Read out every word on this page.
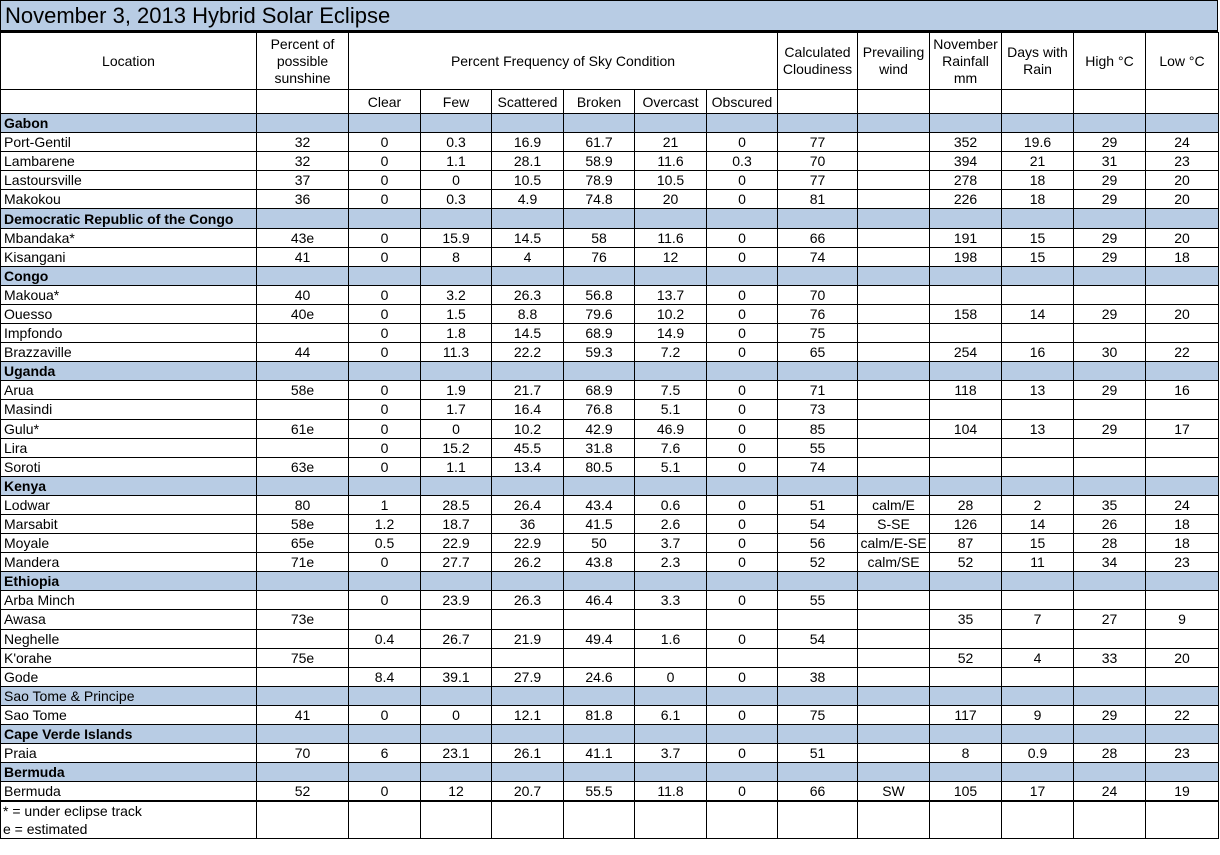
November 3, 2013 Hybrid Solar Eclipse
Location	Percent of possible sunshine	Percent Frequency of Sky Condition						Calculated Cloudiness	Prevailing wind	November Rainfall mm	Days with Rain	High °C	Low °C
		Clear	Few	Scattered	Broken	Overcast	Obscured						
Gabon													
Port-Gentil	32	0	0.3	16.9	61.7	21	0	77		352	19.6	29	24
Lambarene	32	0	1.1	28.1	58.9	11.6	0.3	70		394	21	31	23
Lastoursville	37	0	0	10.5	78.9	10.5	0	77		278	18	29	20
Makokou	36	0	0.3	4.9	74.8	20	0	81		226	18	29	20
Democratic Republic of the Congo													
Mbandaka*	43e	0	15.9	14.5	58	11.6	0	66		191	15	29	20
Kisangani	41	0	8	4	76	12	0	74		198	15	29	18
Congo													
Makoua*	40	0	3.2	26.3	56.8	13.7	0	70					
Ouesso	40e	0	1.5	8.8	79.6	10.2	0	76		158	14	29	20
Impfondo		0	1.8	14.5	68.9	14.9	0	75					
Brazzaville	44	0	11.3	22.2	59.3	7.2	0	65		254	16	30	22
Uganda													
Arua	58e	0	1.9	21.7	68.9	7.5	0	71		118	13	29	16
Masindi		0	1.7	16.4	76.8	5.1	0	73					
Gulu*	61e	0	0	10.2	42.9	46.9	0	85		104	13	29	17
Lira		0	15.2	45.5	31.8	7.6	0	55					
Soroti	63e	0	1.1	13.4	80.5	5.1	0	74					
Kenya													
Lodwar	80	1	28.5	26.4	43.4	0.6	0	51	calm/E	28	2	35	24
Marsabit	58e	1.2	18.7	36	41.5	2.6	0	54	S-SE	126	14	26	18
Moyale	65e	0.5	22.9	22.9	50	3.7	0	56	calm/E-SE	87	15	28	18
Mandera	71e	0	27.7	26.2	43.8	2.3	0	52	calm/SE	52	11	34	23
Ethiopia													
Arba Minch		0	23.9	26.3	46.4	3.3	0	55					
Awasa	73e									35	7	27	9
Neghelle		0.4	26.7	21.9	49.4	1.6	0	54					
K'orahe	75e									52	4	33	20
Gode		8.4	39.1	27.9	24.6	0	0	38					
Sao Tome & Principe													
Sao Tome	41	0	0	12.1	81.8	6.1	0	75		117	9	29	22
Cape Verde Islands													
Praia	70	6	23.1	26.1	41.1	3.7	0	51		8	0.9	28	23
Bermuda													
Bermuda	52	0	12	20.7	55.5	11.8	0	66	SW	105	17	24	19
* = under eclipse track													
e = estimated													
